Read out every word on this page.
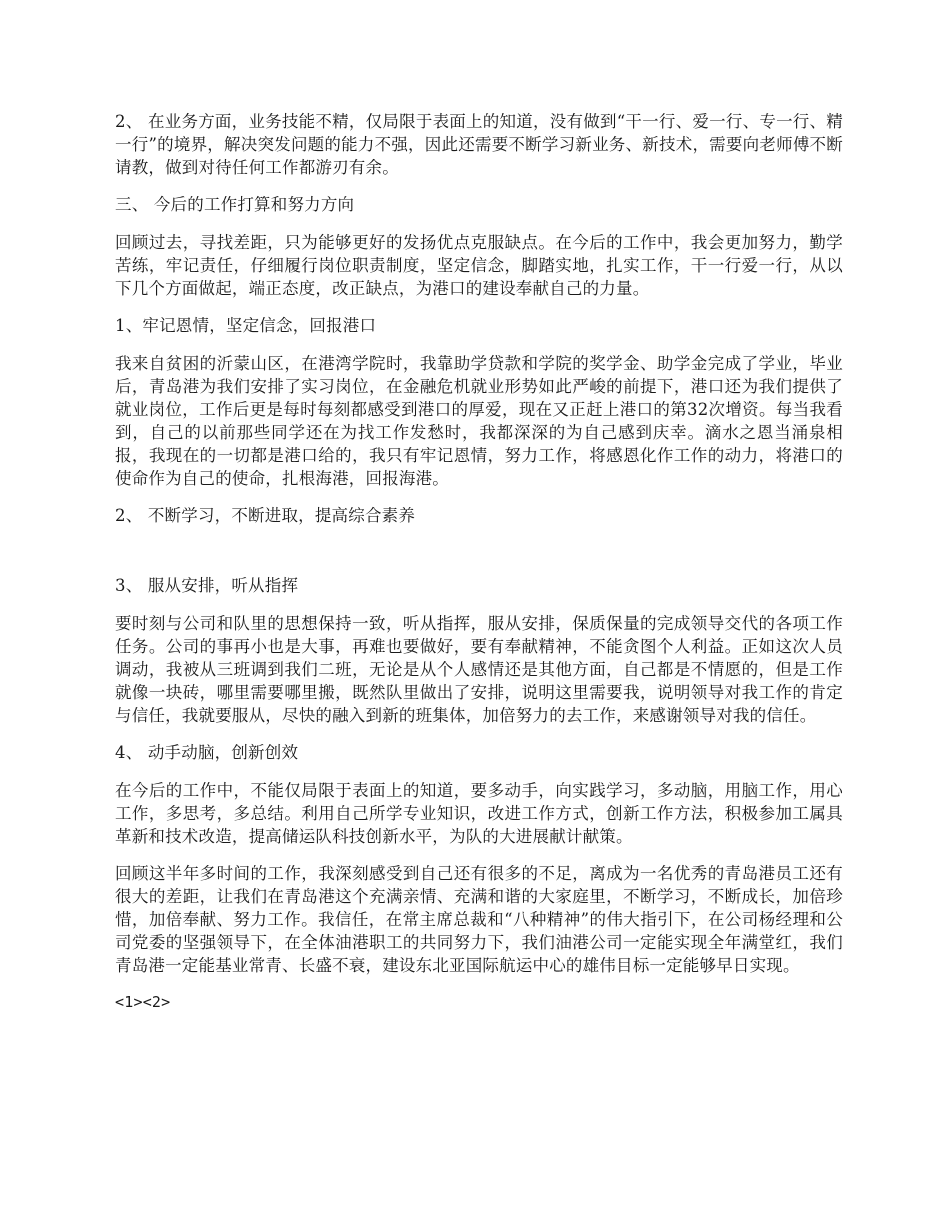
2、 在业务方面，业务技能不精，仅局限于表面上的知道，没有做到“干一行、爱一行、专一行、精一行”的境界，解决突发问题的能力不强，因此还需要不断学习新业务、新技术，需要向老师傅不断请教，做到对待任何工作都游刃有余。

三、 今后的工作打算和努力方向

回顾过去，寻找差距，只为能够更好的发扬优点克服缺点。在今后的工作中，我会更加努力，勤学苦练，牢记责任，仔细履行岗位职责制度，坚定信念，脚踏实地，扎实工作，干一行爱一行，从以下几个方面做起，端正态度，改正缺点，为港口的建设奉献自己的力量。

1、牢记恩情，坚定信念，回报港口

我来自贫困的沂蒙山区，在港湾学院时，我靠助学贷款和学院的奖学金、助学金完成了学业，毕业后，青岛港为我们安排了实习岗位，在金融危机就业形势如此严峻的前提下，港口还为我们提供了就业岗位，工作后更是每时每刻都感受到港口的厚爱，现在又正赶上港口的第32次增资。每当我看到，自己的以前那些同学还在为找工作发愁时，我都深深的为自己感到庆幸。滴水之恩当涌泉相报，我现在的一切都是港口给的，我只有牢记恩情，努力工作，将感恩化作工作的动力，将港口的使命作为自己的使命，扎根海港，回报海港。

2、 不断学习，不断进取，提高综合素养

3、 服从安排，听从指挥

要时刻与公司和队里的思想保持一致，听从指挥，服从安排，保质保量的完成领导交代的各项工作任务。公司的事再小也是大事，再难也要做好，要有奉献精神，不能贪图个人利益。正如这次人员调动，我被从三班调到我们二班，无论是从个人感情还是其他方面，自己都是不情愿的，但是工作就像一块砖，哪里需要哪里搬，既然队里做出了安排，说明这里需要我，说明领导对我工作的肯定与信任，我就要服从，尽快的融入到新的班集体，加倍努力的去工作，来感谢领导对我的信任。

4、 动手动脑，创新创效

在今后的工作中，不能仅局限于表面上的知道，要多动手，向实践学习，多动脑，用脑工作，用心工作，多思考，多总结。利用自己所学专业知识，改进工作方式，创新工作方法，积极参加工属具革新和技术改造，提高储运队科技创新水平，为队的大进展献计献策。

回顾这半年多时间的工作，我深刻感受到自己还有很多的不足，离成为一名优秀的青岛港员工还有很大的差距，让我们在青岛港这个充满亲情、充满和谐的大家庭里，不断学习，不断成长，加倍珍惜，加倍奉献、努力工作。我信任，在常主席总裁和“八种精神”的伟大指引下，在公司杨经理和公司党委的坚强领导下，在全体油港职工的共同努力下，我们油港公司一定能实现全年满堂红，我们青岛港一定能基业常青、长盛不衰，建设东北亚国际航运中心的雄伟目标一定能够早日实现。

<1><2>
